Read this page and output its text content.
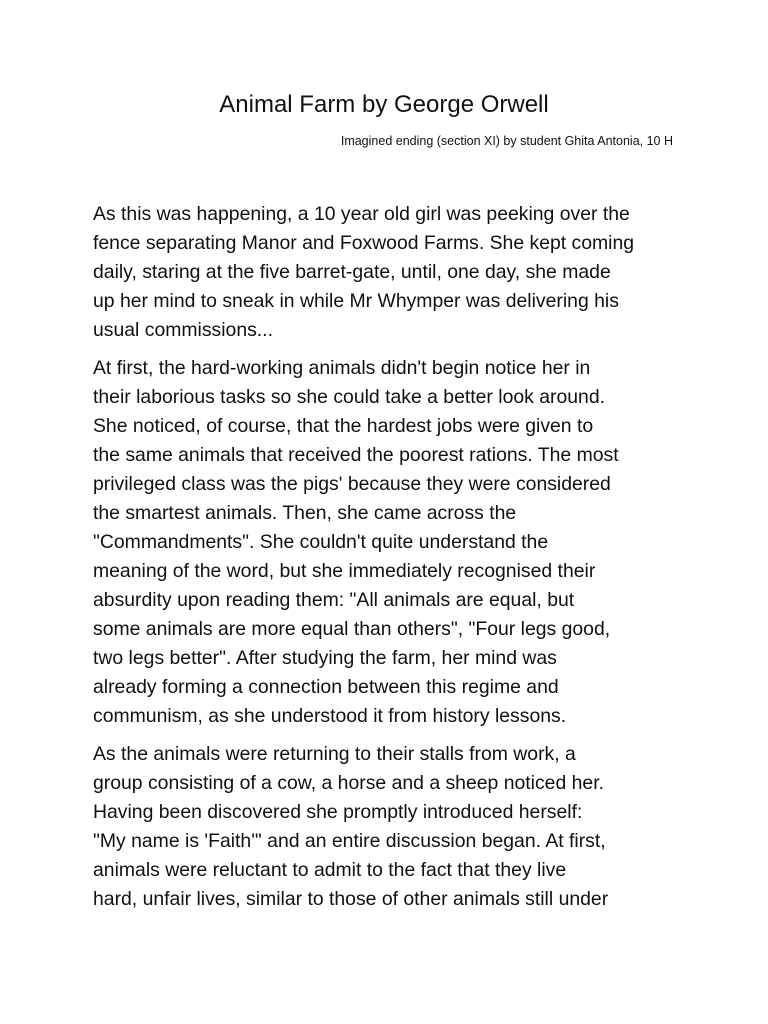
Animal Farm by George Orwell

Imagined ending (section XI) by student Ghita Antonia, 10 H

As this was happening, a 10 year old girl was peeking over the
fence separating Manor and Foxwood Farms. She kept coming
daily, staring at the five barret-gate, until, one day, she made
up her mind to sneak in while Mr Whymper was delivering his
usual commissions...

At first, the hard-working animals didn't begin notice her in
their laborious tasks so she could take a better look around.
She noticed, of course, that the hardest jobs were given to
the same animals that received the poorest rations. The most
privileged class was the pigs' because they were considered
the smartest animals. Then, she came across the
"Commandments". She couldn't quite understand the
meaning of the word, but she immediately recognised their
absurdity upon reading them: "All animals are equal, but
some animals are more equal than others", "Four legs good,
two legs better". After studying the farm, her mind was
already forming a connection between this regime and
communism, as she understood it from history lessons.

As the animals were returning to their stalls from work, a
group consisting of a cow, a horse and a sheep noticed her.
Having been discovered she promptly introduced herself:
"My name is 'Faith'" and an entire discussion began. At first,
animals were reluctant to admit to the fact that they live
hard, unfair lives, similar to those of other animals still under
